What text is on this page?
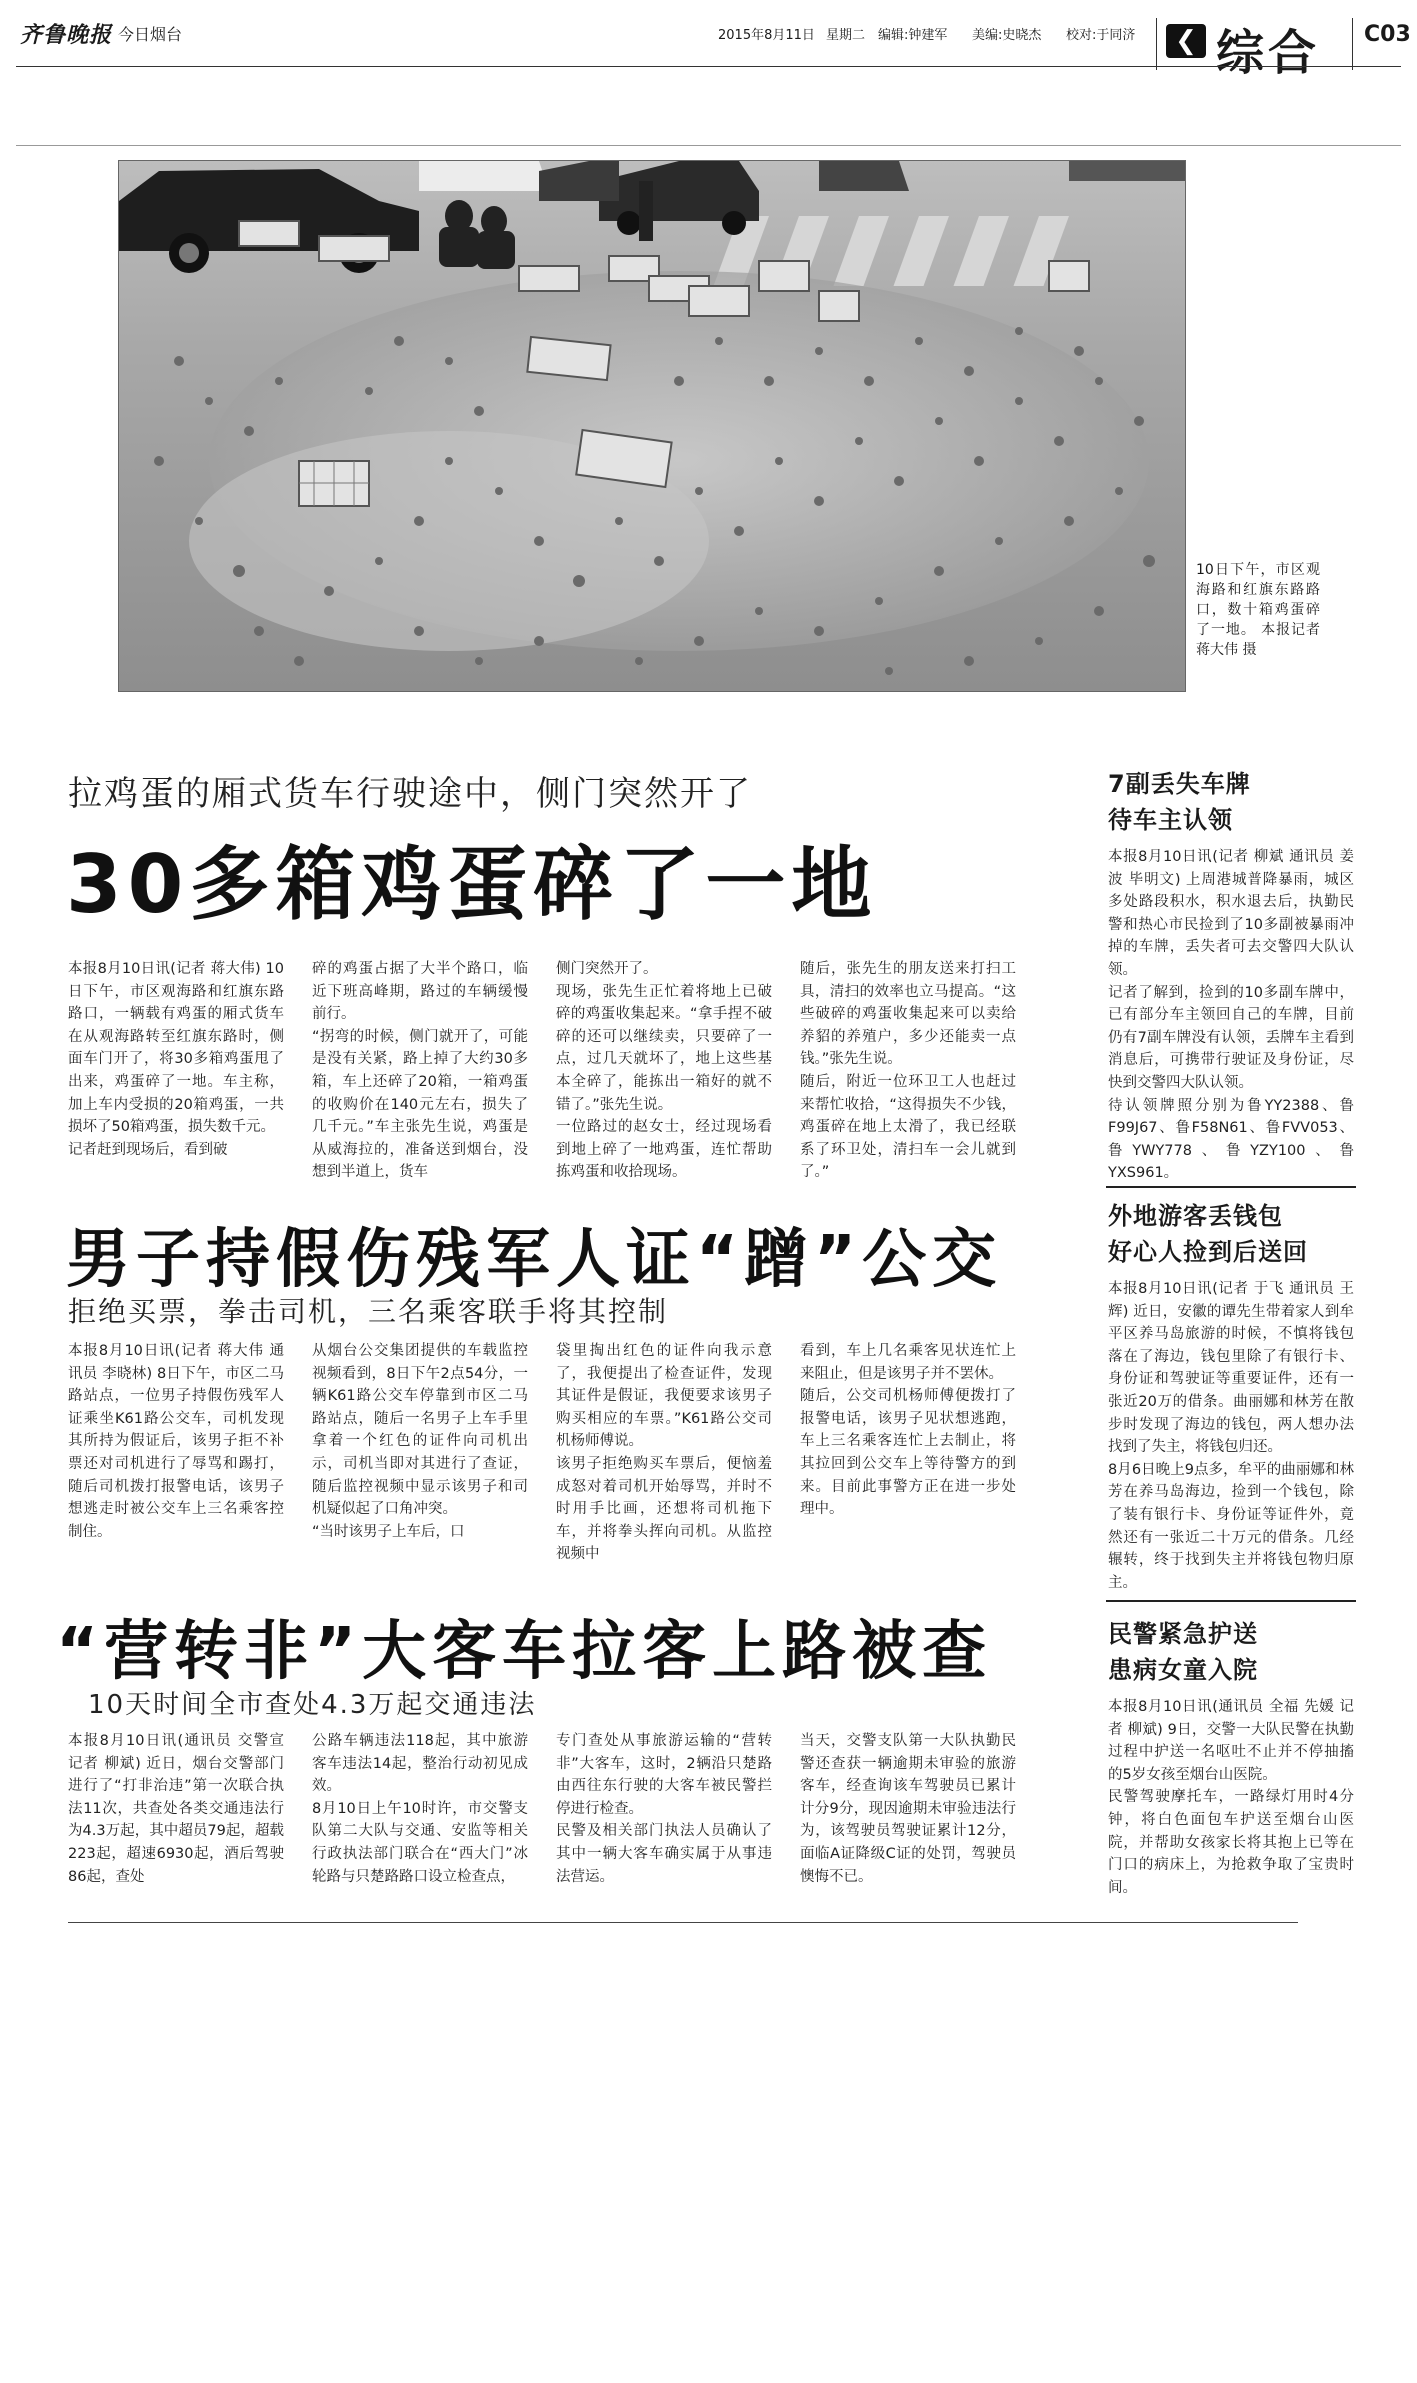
齐鲁晚报 今日烟台	2015年8月11日 星期二 编辑:钟建军 美编:史晓杰 校对:于同济	❮ 综合 C03
10日下午，市区观海路和红旗东路路口，数十箱鸡蛋碎了一地。 本报记者 蒋大伟 摄
拉鸡蛋的厢式货车行驶途中，侧门突然开了
30多箱鸡蛋碎了一地
本报8月10日讯(记者 蒋大伟) 10日下午，市区观海路和红旗东路路口，一辆载有鸡蛋的厢式货车在从观海路转至红旗东路时，侧面车门开了，将30多箱鸡蛋甩了出来，鸡蛋碎了一地。车主称，加上车内受损的20箱鸡蛋，一共损坏了50箱鸡蛋，损失数千元。
记者赶到现场后，看到破
碎的鸡蛋占据了大半个路口，临近下班高峰期，路过的车辆缓慢前行。
“拐弯的时候，侧门就开了，可能是没有关紧，路上掉了大约30多箱，车上还碎了20箱，一箱鸡蛋的收购价在140元左右，损失了几千元。”车主张先生说，鸡蛋是从威海拉的，准备送到烟台，没想到半道上，货车
侧门突然开了。
现场，张先生正忙着将地上已破碎的鸡蛋收集起来。“拿手捏不破碎的还可以继续卖，只要碎了一点，过几天就坏了，地上这些基本全碎了，能拣出一箱好的就不错了。”张先生说。
一位路过的赵女士，经过现场看到地上碎了一地鸡蛋，连忙帮助拣鸡蛋和收拾现场。
随后，张先生的朋友送来打扫工具，清扫的效率也立马提高。“这些破碎的鸡蛋收集起来可以卖给养貂的养殖户，多少还能卖一点钱。”张先生说。
随后，附近一位环卫工人也赶过来帮忙收拾，“这得损失不少钱，鸡蛋碎在地上太滑了，我已经联系了环卫处，清扫车一会儿就到了。”
男子持假伤残军人证“蹭”公交
拒绝买票，拳击司机，三名乘客联手将其控制
本报8月10日讯(记者 蒋大伟 通讯员 李晓林) 8日下午，市区二马路站点，一位男子持假伤残军人证乘坐K61路公交车，司机发现其所持为假证后，该男子拒不补票还对司机进行了辱骂和踢打，随后司机拨打报警电话，该男子想逃走时被公交车上三名乘客控制住。
从烟台公交集团提供的车载监控视频看到，8日下午2点54分，一辆K61路公交车停靠到市区二马路站点，随后一名男子上车手里拿着一个红色的证件向司机出示，司机当即对其进行了查证，随后监控视频中显示该男子和司机疑似起了口角冲突。
“当时该男子上车后，口
袋里掏出红色的证件向我示意了，我便提出了检查证件，发现其证件是假证，我便要求该男子购买相应的车票。”K61路公交司机杨师傅说。
该男子拒绝购买车票后，便恼羞成怒对着司机开始辱骂，并时不时用手比画，还想将司机拖下车，并将拳头挥向司机。从监控视频中
看到，车上几名乘客见状连忙上来阻止，但是该男子并不罢休。
随后，公交司机杨师傅便拨打了报警电话，该男子见状想逃跑，车上三名乘客连忙上去制止，将其拉回到公交车上等待警方的到来。目前此事警方正在进一步处理中。
“营转非”大客车拉客上路被查
10天时间全市查处4.3万起交通违法
本报8月10日讯(通讯员 交警宣 记者 柳斌) 近日，烟台交警部门进行了“打非治违”第一次联合执法11次，共查处各类交通违法行为4.3万起，其中超员79起，超载223起，超速6930起，酒后驾驶86起，查处
公路车辆违法118起，其中旅游客车违法14起，整治行动初见成效。
8月10日上午10时许，市交警支队第二大队与交通、安监等相关行政执法部门联合在“西大门”冰轮路与只楚路路口设立检查点，
专门查处从事旅游运输的“营转非”大客车，这时，2辆沿只楚路由西往东行驶的大客车被民警拦停进行检查。
民警及相关部门执法人员确认了其中一辆大客车确实属于从事违法营运。
当天，交警支队第一大队执勤民警还查获一辆逾期未审验的旅游客车，经查询该车驾驶员已累计计分9分，现因逾期未审验违法行为，该驾驶员驾驶证累计12分，面临A证降级C证的处罚，驾驶员懊悔不已。
7副丢失车牌
待车主认领
本报8月10日讯(记者 柳斌 通讯员 姜波 毕明文) 上周港城普降暴雨，城区多处路段积水，积水退去后，执勤民警和热心市民捡到了10多副被暴雨冲掉的车牌，丢失者可去交警四大队认领。
记者了解到，捡到的10多副车牌中，已有部分车主领回自己的车牌，目前仍有7副车牌没有认领，丢牌车主看到消息后，可携带行驶证及身份证，尽快到交警四大队认领。
待认领牌照分别为鲁YY2388、鲁F99J67、鲁F58N61、鲁FVV053、鲁YWY778、鲁YZY100、鲁YXS961。
外地游客丢钱包
好心人捡到后送回
本报8月10日讯(记者 于飞 通讯员 王辉) 近日，安徽的谭先生带着家人到牟平区养马岛旅游的时候，不慎将钱包落在了海边，钱包里除了有银行卡、身份证和驾驶证等重要证件，还有一张近20万的借条。曲丽娜和林芳在散步时发现了海边的钱包，两人想办法找到了失主，将钱包归还。
8月6日晚上9点多，牟平的曲丽娜和林芳在养马岛海边，捡到一个钱包，除了装有银行卡、身份证等证件外，竟然还有一张近二十万元的借条。几经辗转，终于找到失主并将钱包物归原主。
民警紧急护送
患病女童入院
本报8月10日讯(通讯员 全福 先媛 记者 柳斌) 9日，交警一大队民警在执勤过程中护送一名呕吐不止并不停抽搐的5岁女孩至烟台山医院。
民警驾驶摩托车，一路绿灯用时4分钟，将白色面包车护送至烟台山医院，并帮助女孩家长将其抱上已等在门口的病床上，为抢救争取了宝贵时间。
